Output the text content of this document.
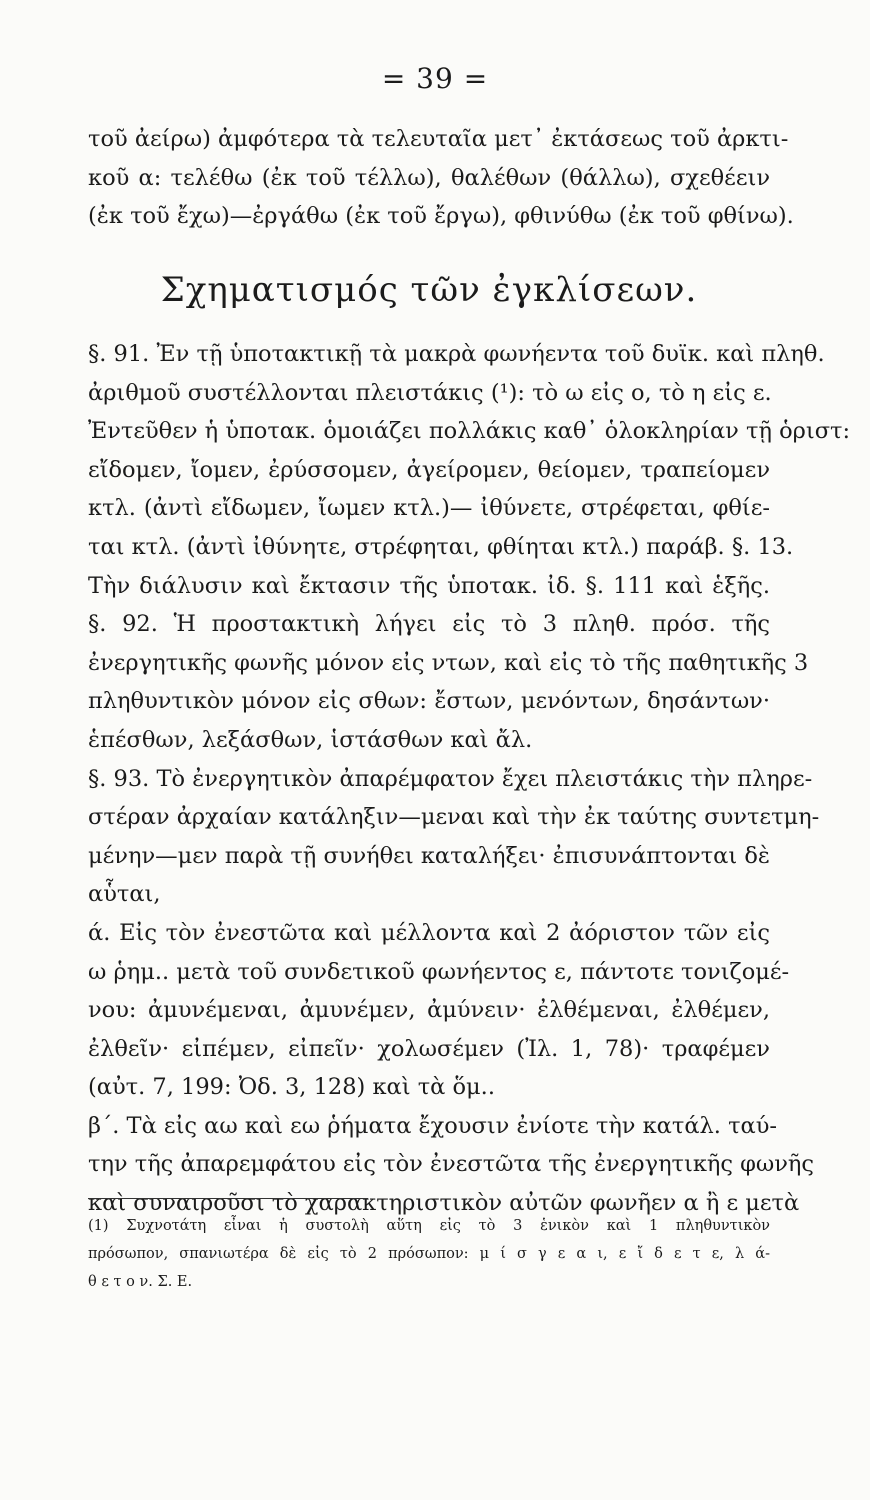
= 39 =
τοῦ ἀείρω) ἀμφότερα τὰ τελευταῖα μετ᾽ ἐκτάσεως τοῦ ἀρκτι-
κοῦ α: τελέθω (ἐκ τοῦ τέλλω), θαλέθων (θάλλω), σχεθέειν
(ἐκ τοῦ ἔχω)—ἐργάθω (ἐκ τοῦ ἔργω), φθινύθω (ἐκ τοῦ φθίνω).
Σχηματισμός τῶν ἐγκλίσεων.
§. 91. Ἐν τῇ ὑποτακτικῇ τὰ μακρὰ φωνήεντα τοῦ δυϊκ. καὶ πληθ.
ἀριθμοῦ συστέλλονται πλειστάκις (¹): τὸ ω εἰς ο, τὸ η εἰς ε.
Ἐντεῦθεν ἡ ὑποτακ. ὁμοιάζει πολλάκις καθ᾽ ὁλοκληρίαν τῇ ὁριστ:
εἴδομεν, ἴομεν, ἐρύσσομεν, ἀγείρομεν, θείομεν, τραπείομεν
κτλ. (ἀντὶ εἴδωμεν, ἴωμεν κτλ.)— ἰθύνετε, στρέφεται, φθίε-
ται κτλ. (ἀντὶ ἰθύνητε, στρέφηται, φθίηται κτλ.) παράβ. §. 13.
Τὴν διάλυσιν καὶ ἔκτασιν τῆς ὑποτακ. ἰδ. §. 111 καὶ ἑξῆς.
§. 92. Ἡ προστακτικὴ λήγει εἰς τὸ 3 πληθ. πρόσ. τῆς
ἐνεργητικῆς φωνῆς μόνον εἰς ντων, καὶ εἰς τὸ τῆς παθητικῆς 3
πληθυντικὸν μόνον εἰς σθων: ἔστων, μενόντων, δησάντων·
ἑπέσθων, λεξάσθων, ἱστάσθων καὶ ἄλ.
§. 93. Τὸ ἐνεργητικὸν ἀπαρέμφατον ἔχει πλειστάκις τὴν πληρε-
στέραν ἀρχαίαν κατάληξιν—μεναι καὶ τὴν ἐκ ταύτης συντετμη-
μένην—μεν παρὰ τῇ συνήθει καταλήξει· ἐπισυνάπτονται δὲ
αὗται,
ά. Εἰς τὸν ἐνεστῶτα καὶ μέλλοντα καὶ 2 ἀόριστον τῶν εἰς
ω ῥημ.. μετὰ τοῦ συνδετικοῦ φωνήεντος ε, πάντοτε τονιζομέ-
νου: ἀμυνέμεναι, ἀμυνέμεν, ἀμύνειν· ἐλθέμεναι, ἐλθέμεν,
ἐλθεῖν· εἰπέμεν, εἰπεῖν· χολωσέμεν (Ἰλ. 1, 78)· τραφέμεν
(αὐτ. 7, 199: Ὀδ. 3, 128) καὶ τὰ ὅμ..
β΄. Τὰ εἰς αω καὶ εω ῥήματα ἔχουσιν ἐνίοτε τὴν κατάλ. ταύ-
την τῆς ἀπαρεμφάτου εἰς τὸν ἐνεστῶτα τῆς ἐνεργητικῆς φωνῆς
καὶ συναιροῦσι τὸ χαρακτηριστικὸν αὐτῶν φωνῆεν α ἢ ε μετὰ
(1) Συχνοτάτη εἶναι ἡ συστολὴ αὕτη εἰς τὸ 3 ἑνικὸν καὶ 1 πληθυντικὸν
πρόσωπον, σπανιωτέρα δὲ εἰς τὸ 2 πρόσωπον: μ ί σ γ ε α ι, ε ἴ δ ε τ ε, λ ά-
θ ε τ ο ν. Σ. Ε.
